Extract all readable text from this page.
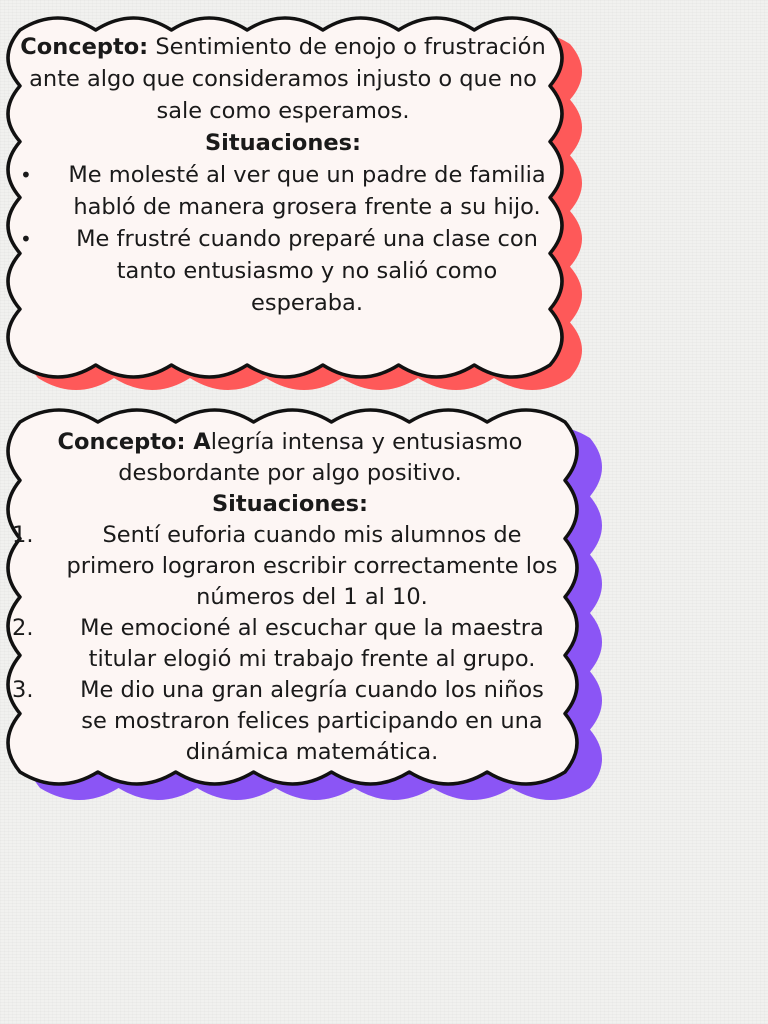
Concepto: Sentimiento de enojo o frustración ante algo que consideramos injusto o que no sale como esperamos.

Situaciones:

• Me molesté al ver que un padre de familia habló de manera grosera frente a su hijo.
• Me frustré cuando preparé una clase con tanto entusiasmo y no salió como esperaba.

Concepto: Alegría intensa y entusiasmo desbordante por algo positivo.

Situaciones:

1.	Sentí euforia cuando mis alumnos de primero lograron escribir correctamente los números del 1 al 10.
2. Me emocioné al escuchar que la maestra titular elogió mi trabajo frente al grupo.
3. Me dio una gran alegría cuando los niños se mostraron felices participando en una dinámica matemática.
